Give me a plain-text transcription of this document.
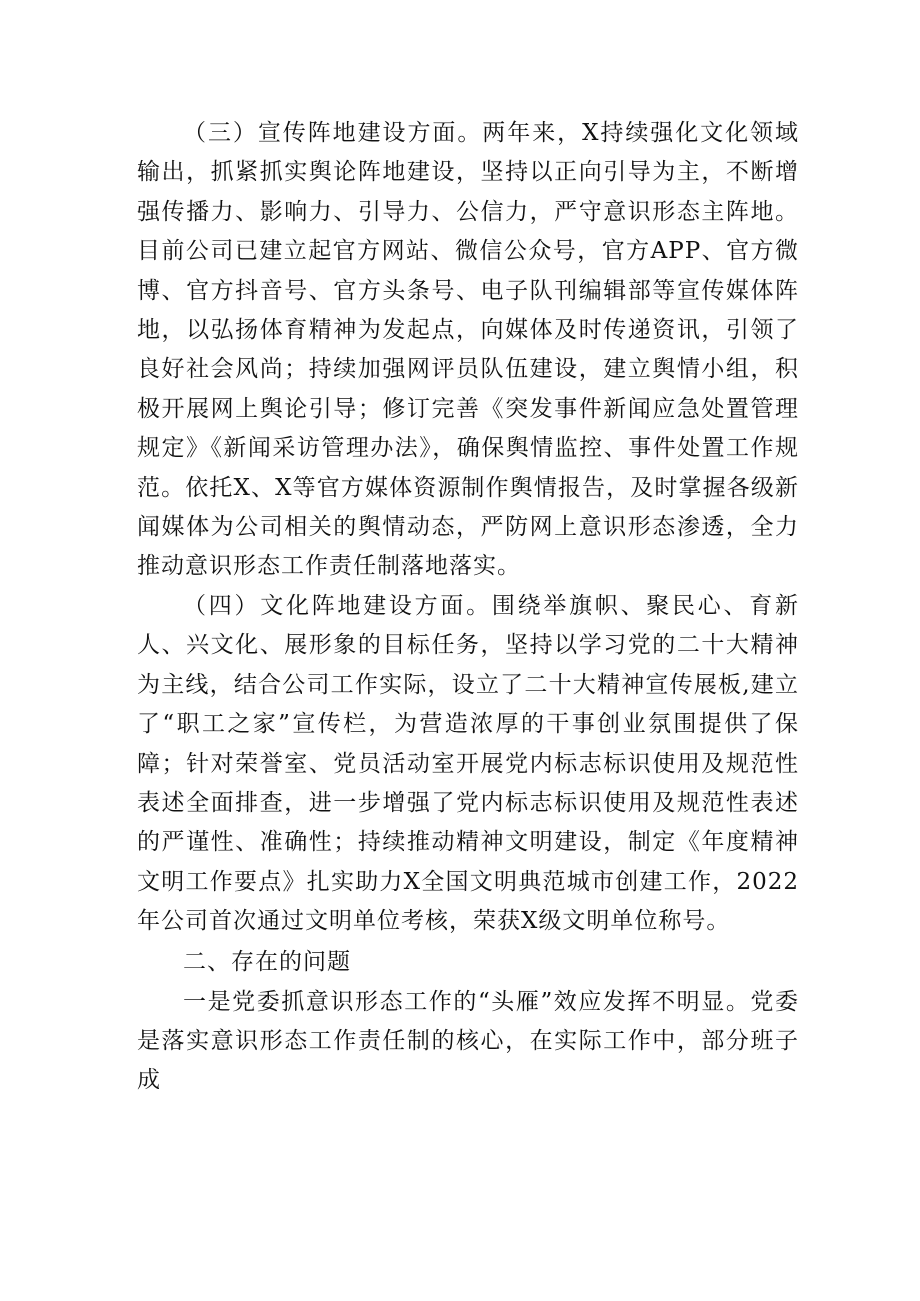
（三）宣传阵地建设方面。两年来，X持续强化文化领域输出，抓紧抓实舆论阵地建设，坚持以正向引导为主，不断增强传播力、影响力、引导力、公信力，严守意识形态主阵地。目前公司已建立起官方网站、微信公众号，官方APP、官方微博、官方抖音号、官方头条号、电子队刊编辑部等宣传媒体阵地，以弘扬体育精神为发起点，向媒体及时传递资讯，引领了良好社会风尚；持续加强网评员队伍建设，建立舆情小组，积极开展网上舆论引导；修订完善《突发事件新闻应急处置管理规定》《新闻采访管理办法》，确保舆情监控、事件处置工作规范。依托X、X等官方媒体资源制作舆情报告，及时掌握各级新闻媒体为公司相关的舆情动态，严防网上意识形态渗透，全力推动意识形态工作责任制落地落实。

（四）文化阵地建设方面。围绕举旗帜、聚民心、育新人、兴文化、展形象的目标任务，坚持以学习党的二十大精神为主线，结合公司工作实际，设立了二十大精神宣传展板,建立了“职工之家”宣传栏，为营造浓厚的干事创业氛围提供了保障；针对荣誉室、党员活动室开展党内标志标识使用及规范性表述全面排查，进一步增强了党内标志标识使用及规范性表述的严谨性、准确性；持续推动精神文明建设，制定《年度精神文明工作要点》扎实助力X全国文明典范城市创建工作，2022年公司首次通过文明单位考核，荣获X级文明单位称号。

二、存在的问题

一是党委抓意识形态工作的“头雁”效应发挥不明显。党委是落实意识形态工作责任制的核心，在实际工作中，部分班子成
